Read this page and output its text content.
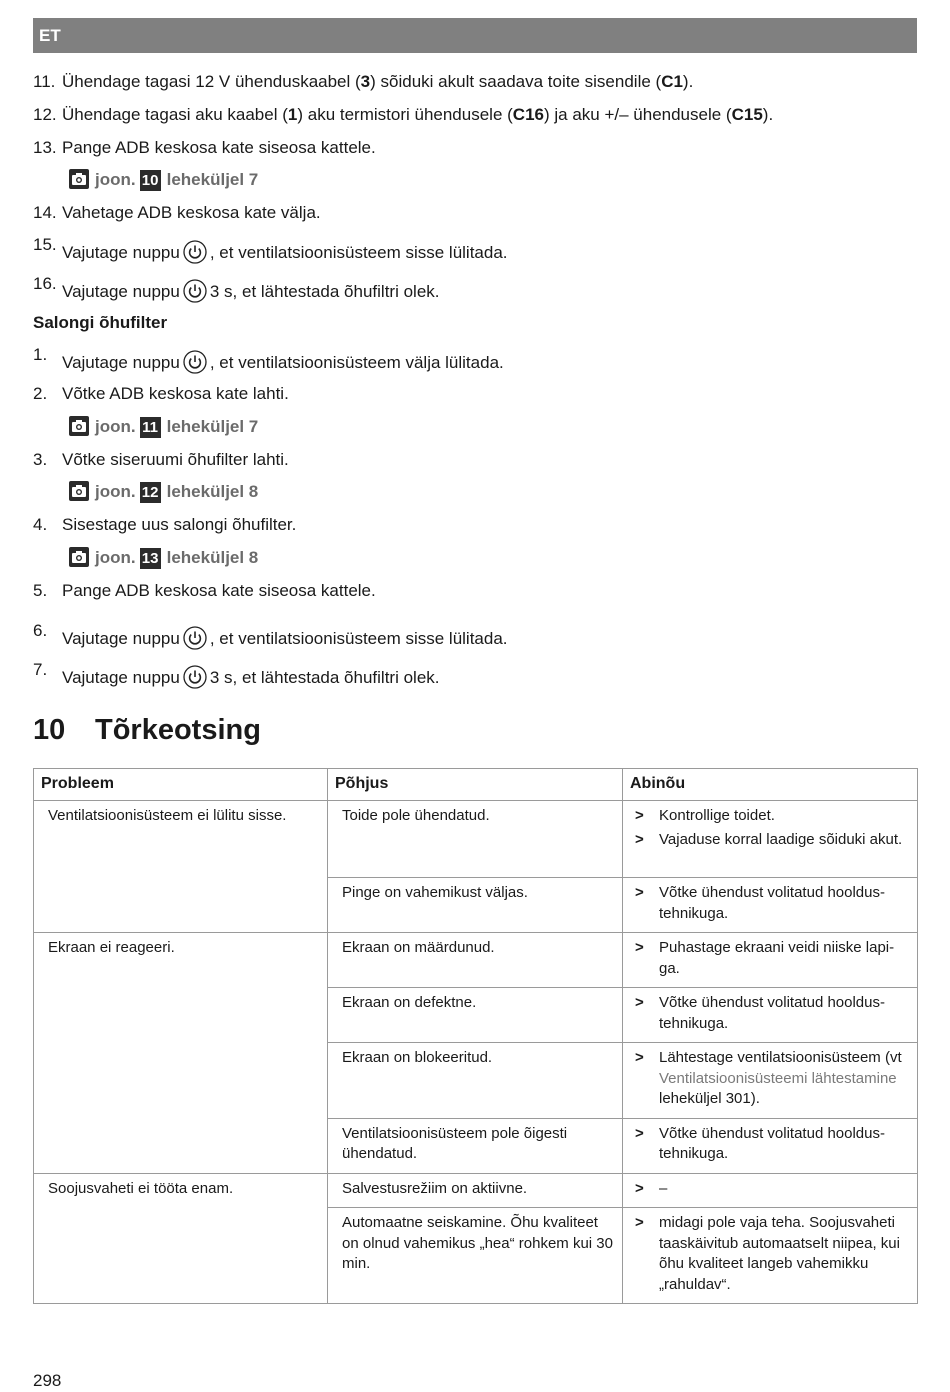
ET
11. Ühendage tagasi 12 V ühenduskaabel (3) sõiduki akult saadava toite sisendile (C1).
12. Ühendage tagasi aku kaabel (1) aku termistori ühendusele (C16) ja aku +/– ühendusele (C15).
13. Pange ADB keskosa kate siseosa kattele.
joon. 10 leheküljel 7
14. Vahetage ADB keskosa kate välja.
15. Vajutage nuppu , et ventilatsioonisüsteem sisse lülitada.
16. Vajutage nuppu 3 s, et lähtestada õhufiltri olek.
Salongi õhufilter
1. Vajutage nuppu , et ventilatsioonisüsteem välja lülitada.
2. Võtke ADB keskosa kate lahti.
joon. 11 leheküljel 7
3. Võtke siseruumi õhufilter lahti.
joon. 12 leheküljel 8
4. Sisestage uus salongi õhufilter.
joon. 13 leheküljel 8
5. Pange ADB keskosa kate siseosa kattele.
6. Vajutage nuppu , et ventilatsioonisüsteem sisse lülitada.
7. Vajutage nuppu 3 s, et lähtestada õhufiltri olek.
10 Tõrkeotsing
Probleem	Põhjus	Abinõu
Ventilatsioonisüsteem ei lülitu sisse.	Toide pole ühendatud.	> Kontrollige toidet.
> Vajaduse korral laadige sõiduki akut.

	Pinge on vahemikust väljas.	> Võtke ühendust volitatud hooldustehnikuga.

Ekraan ei reageeri.	Ekraan on määrdunud.	> Puhastage ekraani veidi niiske lapiga.

	Ekraan on defektne.	> Võtke ühendust volitatud hooldustehnikuga.

	Ekraan on blokeeritud.	> Lähtestage ventilatsioonisüsteem (vt Ventilatsioonisüsteemi lähtestamine leheküljel 301).

	Ventilatsioonisüsteem pole õigesti ühendatud.	> Võtke ühendust volitatud hooldustehnikuga.

Soojusvaheti ei tööta enam.	Salvestusrežiim on aktiivne.	> –

	Automaatne seiskamine. Õhu kvaliteet on olnud vahemikus „hea“ rohkem kui 30 min.	> midagi pole vaja teha. Soojusvaheti taaskäivitub automaatselt niipea, kui õhu kvaliteet langeb vahemikku „rahuldav“.
298
